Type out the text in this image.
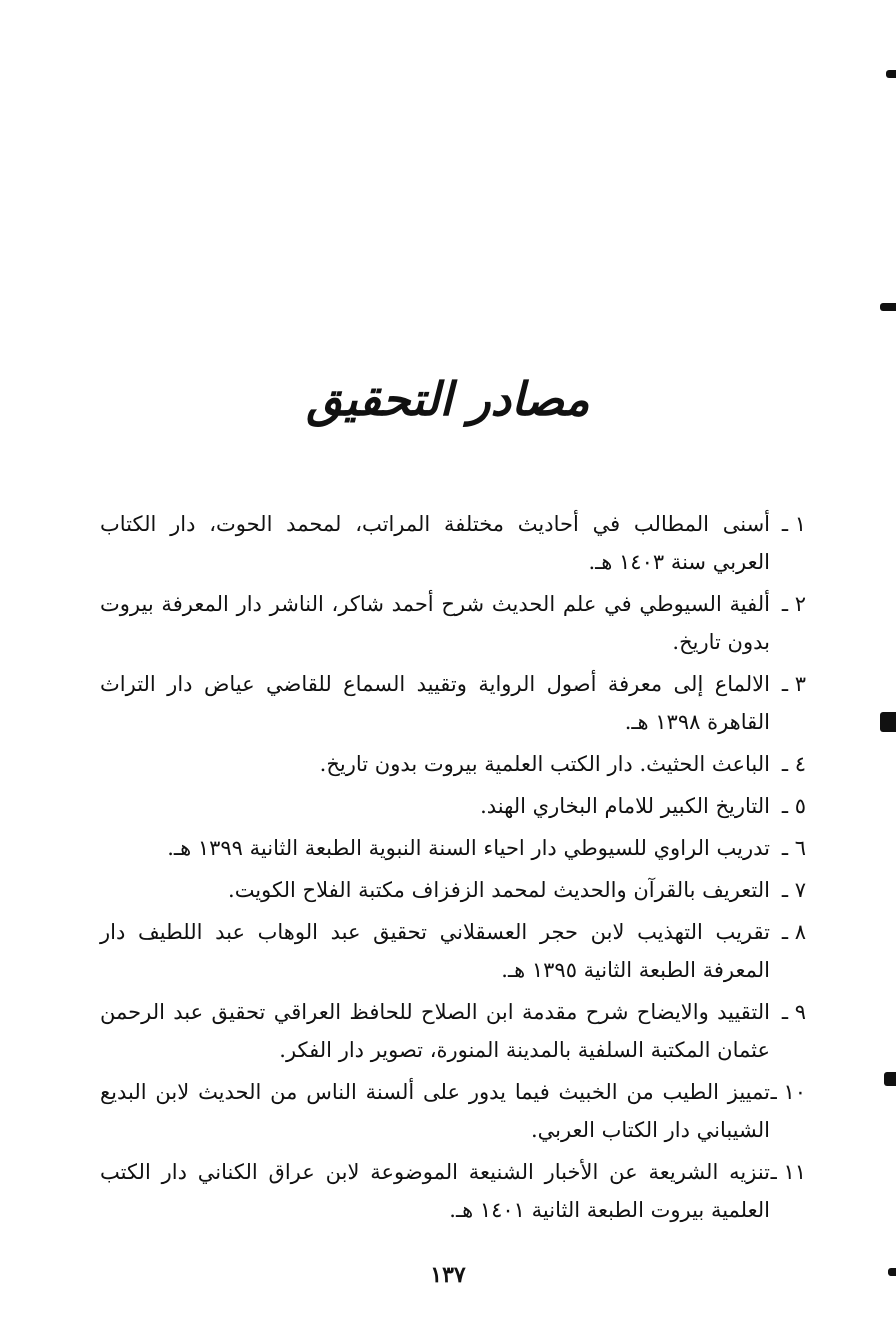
مصادر التحقيق
١ ـ
أسنى المطالب في أحاديث مختلفة المراتب، لمحمد الحوت، دار الكتاب العربي سنة ١٤٠٣ هـ.
٢ ـ
ألفية السيوطي في علم الحديث شرح أحمد شاكر، الناشر دار المعرفة بيروت بدون تاريخ.
٣ ـ
الالماع إلى معرفة أصول الرواية وتقييد السماع للقاضي عياض دار التراث القاهرة ١٣٩٨ هـ.
٤ ـ
الباعث الحثيث. دار الكتب العلمية بيروت بدون تاريخ.
٥ ـ
التاريخ الكبير للامام البخاري الهند.
٦ ـ
تدريب الراوي للسيوطي دار احياء السنة النبوية الطبعة الثانية ١٣٩٩ هـ.
٧ ـ
التعريف بالقرآن والحديث لمحمد الزفزاف مكتبة الفلاح الكويت.
٨ ـ
تقريب التهذيب لابن حجر العسقلاني تحقيق عبد الوهاب عبد اللطيف دار المعرفة الطبعة الثانية ١٣٩٥ هـ.
٩ ـ
التقييد والايضاح شرح مقدمة ابن الصلاح للحافظ العراقي تحقيق عبد الرحمن عثمان المكتبة السلفية بالمدينة المنورة، تصوير دار الفكر.
١٠ ـ
تمييز الطيب من الخبيث فيما يدور على ألسنة الناس من الحديث لابن البديع الشيباني دار الكتاب العربي.
١١ ـ
تنزيه الشريعة عن الأخبار الشنيعة الموضوعة لابن عراق الكناني دار الكتب العلمية بيروت الطبعة الثانية ١٤٠١ هـ.
١٣٧
